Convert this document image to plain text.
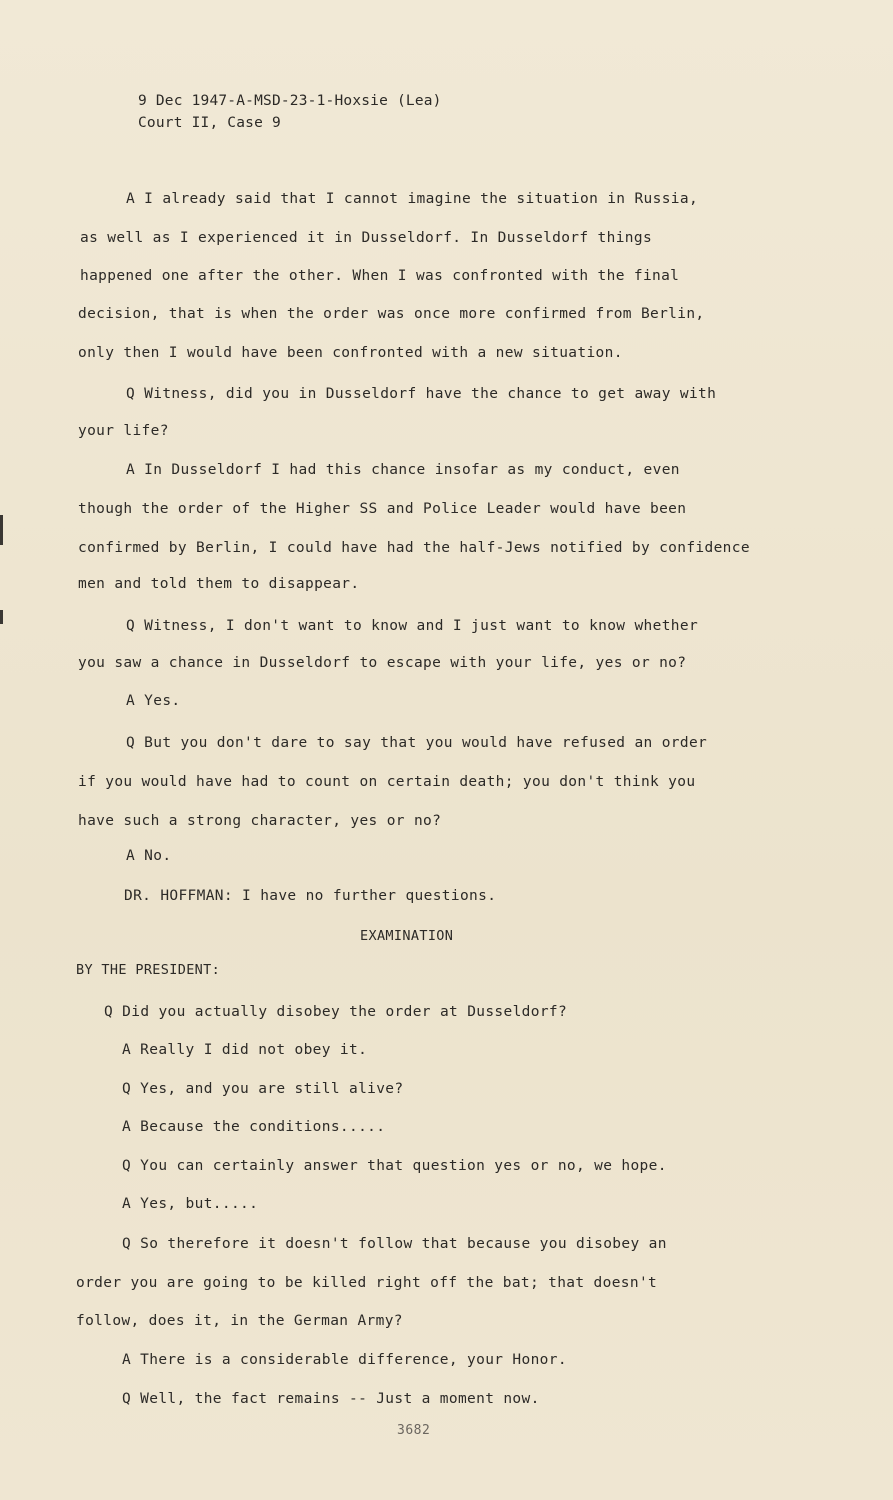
9 Dec 1947-A-MSD-23-1-Hoxsie (Lea)
Court II, Case 9
A I already said that I cannot imagine the situation in Russia,
as well as I experienced it in Dusseldorf. In Dusseldorf things
happened one after the other. When I was confronted with the final
decision, that is when the order was once more confirmed from Berlin,
only then I would have been confronted with a new situation.
Q Witness, did you in Dusseldorf have the chance to get away with
your life?
A In Dusseldorf I had this chance insofar as my conduct, even
though the order of the Higher SS and Police Leader would have been
confirmed by Berlin, I could have had the half-Jews notified by confidence
men and told them to disappear.
Q Witness, I don't want to know and I just want to know whether
you saw a chance in Dusseldorf to escape with your life, yes or no?
A Yes.
Q But you don't dare to say that you would have refused an order
if you would have had to count on certain death; you don't think you
have such a strong character, yes or no?
A No.
DR. HOFFMAN: I have no further questions.
EXAMINATION
BY THE PRESIDENT:
Q Did you actually disobey the order at Dusseldorf?
A Really I did not obey it.
Q Yes, and you are still alive?
A Because the conditions.....
Q You can certainly answer that question yes or no, we hope.
A Yes, but.....
Q So therefore it doesn't follow that because you disobey an
order you are going to be killed right off the bat; that doesn't
follow, does it, in the German Army?
A There is a considerable difference, your Honor.
Q Well, the fact remains -- Just a moment now.
3682
